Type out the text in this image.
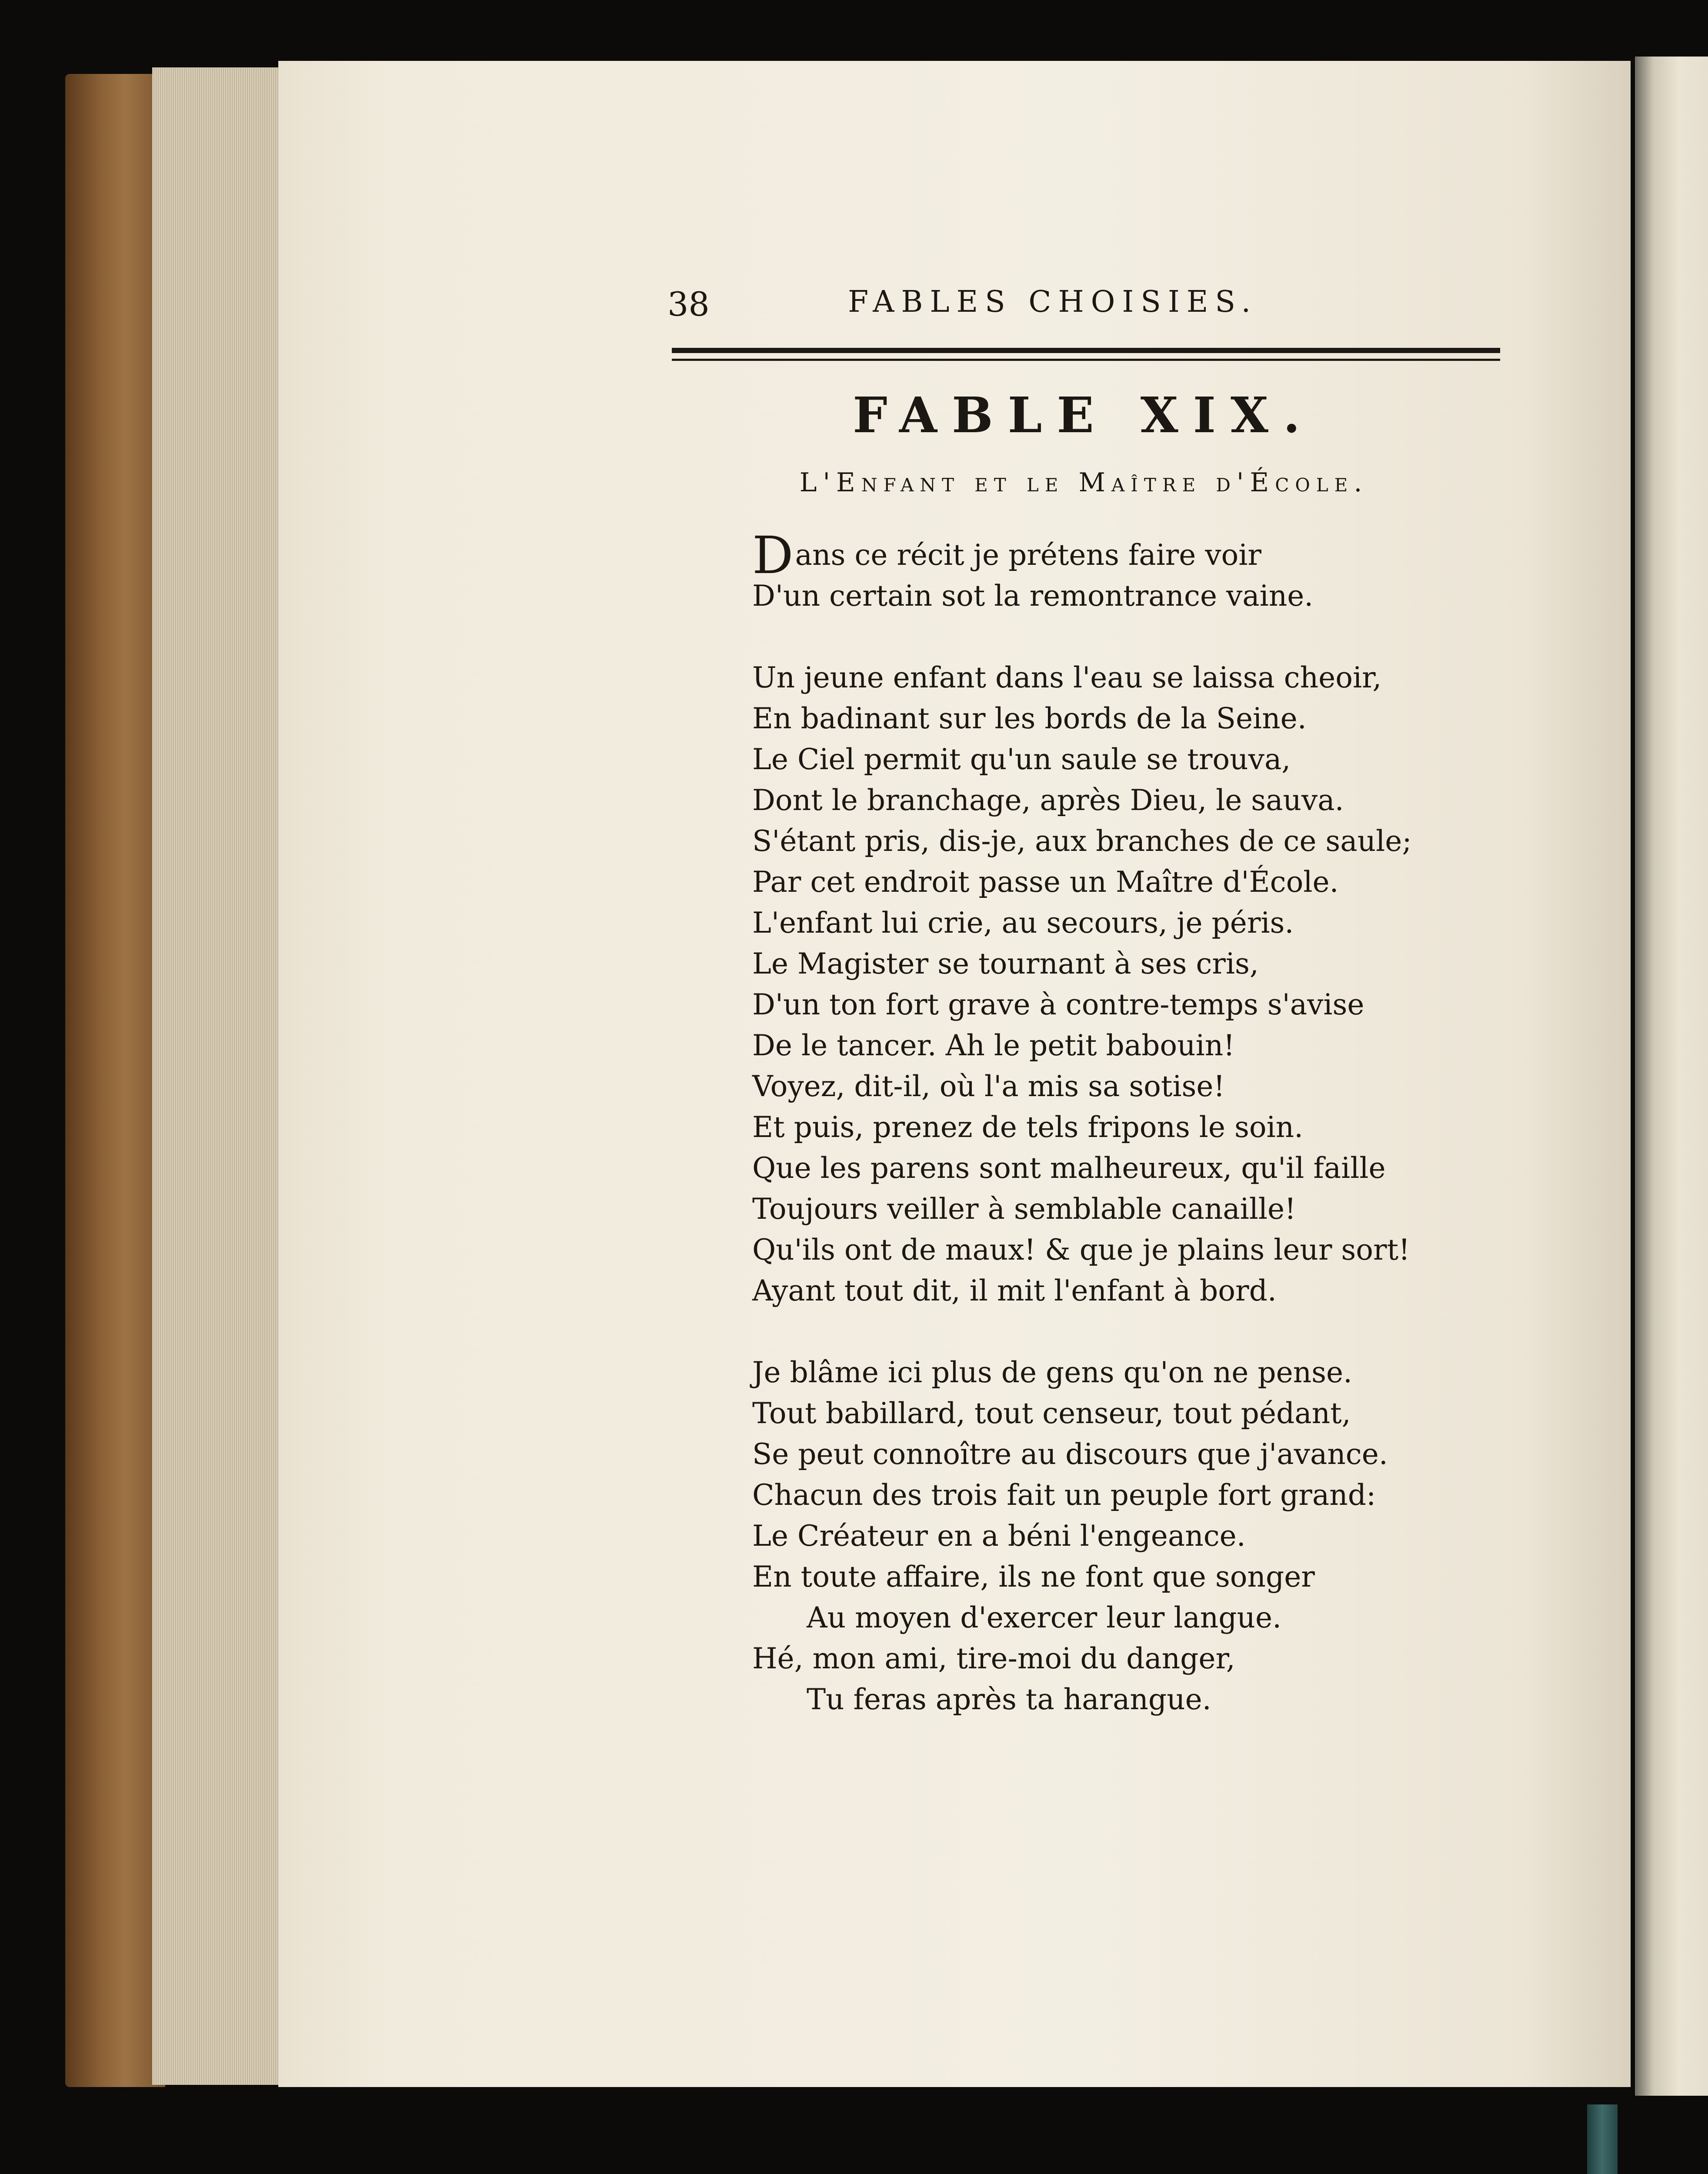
38	FABLES CHOISIES.
FABLE XIX.
L'Enfant et le Maître d'École.
Dans ce récit je prétens faire voir
D'un certain sot la remontrance vaine.
Un jeune enfant dans l'eau se laissa cheoir,
En badinant sur les bords de la Seine.
Le Ciel permit qu'un saule se trouva,
Dont le branchage, après Dieu, le sauva.
S'étant pris, dis-je, aux branches de ce saule;
Par cet endroit passe un Maître d'École.
L'enfant lui crie, au secours, je péris.
Le Magister se tournant à ses cris,
D'un ton fort grave à contre-temps s'avise
De le tancer. Ah le petit babouin!
Voyez, dit-il, où l'a mis sa sotise!
Et puis, prenez de tels fripons le soin.
Que les parens sont malheureux, qu'il faille
Toujours veiller à semblable canaille!
Qu'ils ont de maux! & que je plains leur sort!
Ayant tout dit, il mit l'enfant à bord.
Je blâme ici plus de gens qu'on ne pense.
Tout babillard, tout censeur, tout pédant,
Se peut connoître au discours que j'avance.
Chacun des trois fait un peuple fort grand:
Le Créateur en a béni l'engeance.
En toute affaire, ils ne font que songer
Au moyen d'exercer leur langue.
Hé, mon ami, tire-moi du danger,
Tu feras après ta harangue.
